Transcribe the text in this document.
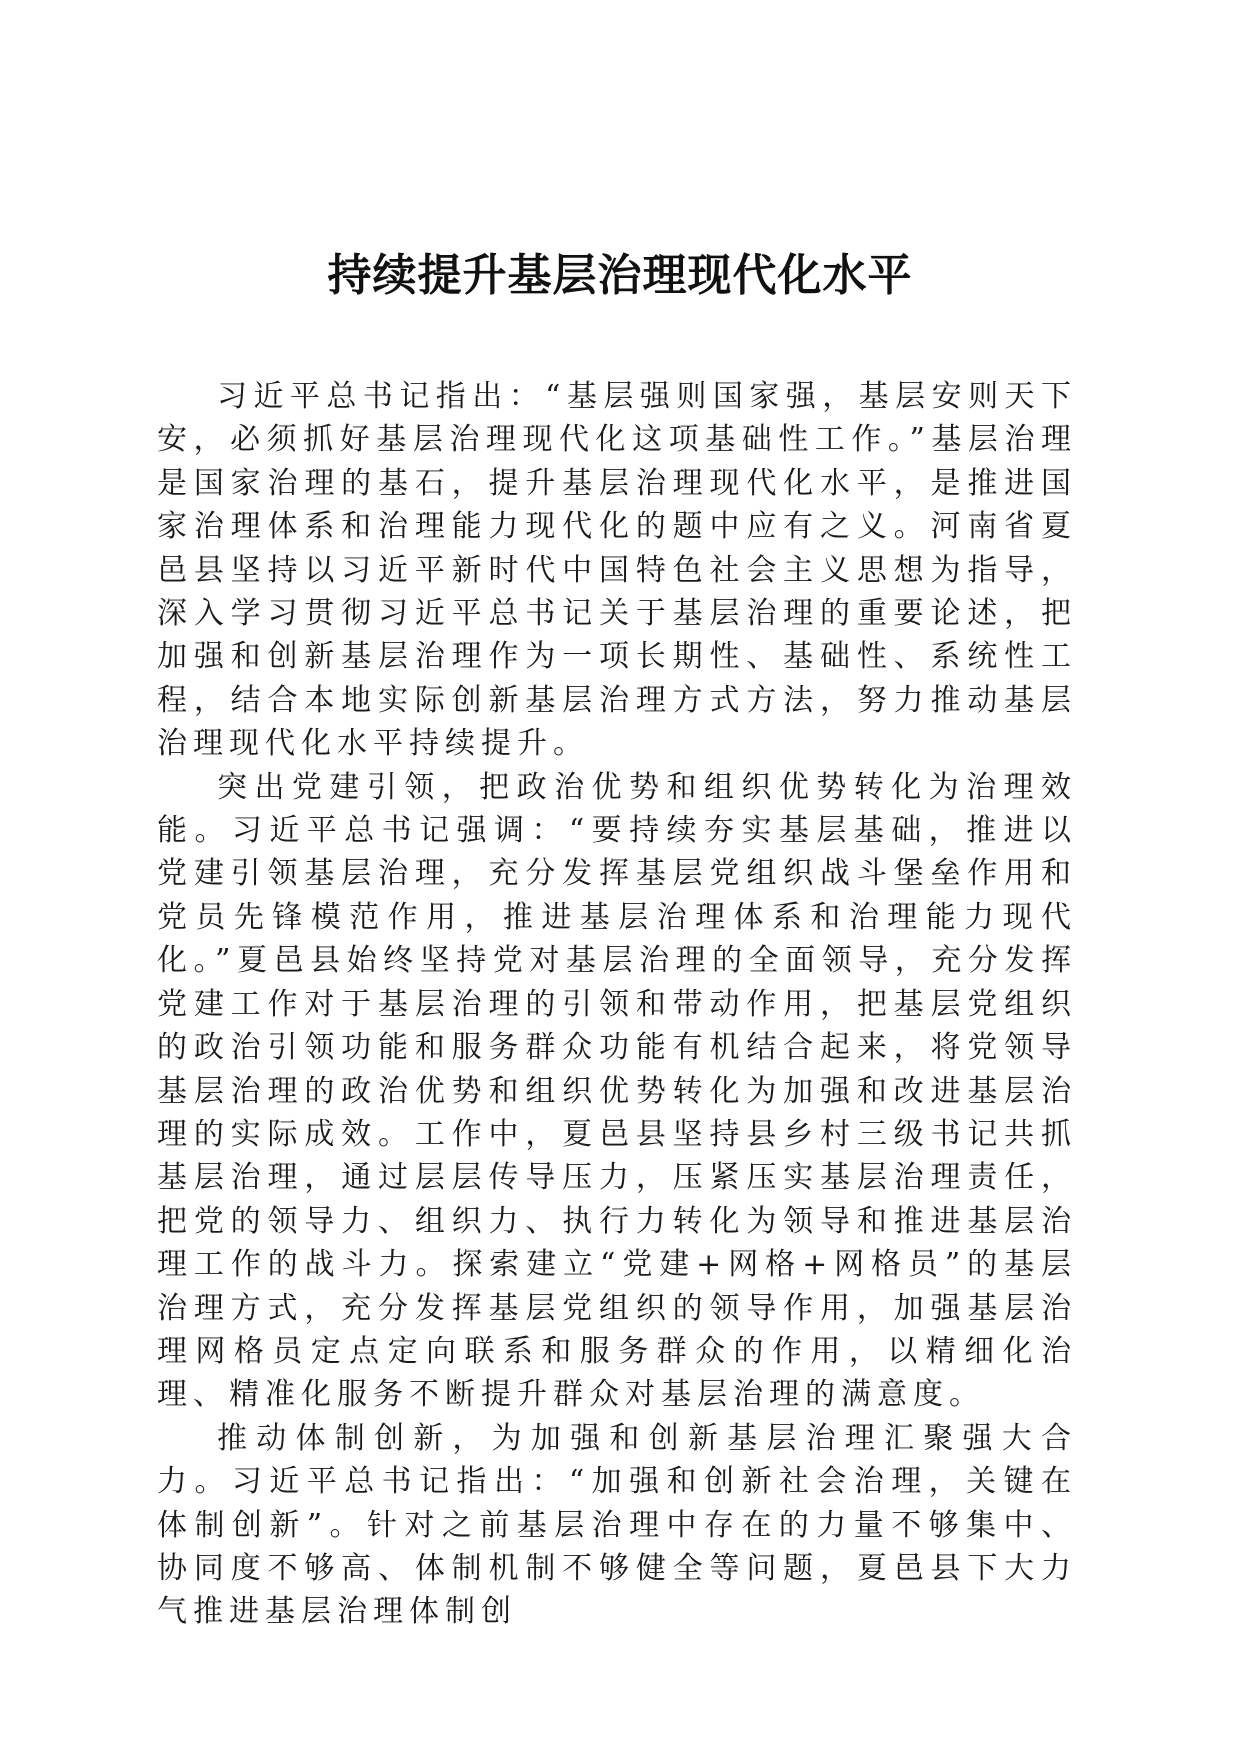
持续提升基层治理现代化水平

习近平总书记指出：“基层强则国家强，基层安则天下安，必须抓好基层治理现代化这项基础性工作。”基层治理是国家治理的基石，提升基层治理现代化水平，是推进国家治理体系和治理能力现代化的题中应有之义。河南省夏邑县坚持以习近平新时代中国特色社会主义思想为指导，深入学习贯彻习近平总书记关于基层治理的重要论述，把加强和创新基层治理作为一项长期性、基础性、系统性工程，结合本地实际创新基层治理方式方法，努力推动基层治理现代化水平持续提升。

突出党建引领，把政治优势和组织优势转化为治理效能。习近平总书记强调：“要持续夯实基层基础，推进以党建引领基层治理，充分发挥基层党组织战斗堡垒作用和党员先锋模范作用，推进基层治理体系和治理能力现代化。”夏邑县始终坚持党对基层治理的全面领导，充分发挥党建工作对于基层治理的引领和带动作用，把基层党组织的政治引领功能和服务群众功能有机结合起来，将党领导基层治理的政治优势和组织优势转化为加强和改进基层治理的实际成效。工作中，夏邑县坚持县乡村三级书记共抓基层治理，通过层层传导压力，压紧压实基层治理责任，把党的领导力、组织力、执行力转化为领导和推进基层治理工作的战斗力。探索建立“党建+网格+网格员”的基层治理方式，充分发挥基层党组织的领导作用，加强基层治理网格员定点定向联系和服务群众的作用，以精细化治理、精准化服务不断提升群众对基层治理的满意度。

推动体制创新，为加强和创新基层治理汇聚强大合力。习近平总书记指出：“加强和创新社会治理，关键在体制创新”。针对之前基层治理中存在的力量不够集中、协同度不够高、体制机制不够健全等问题，夏邑县下大力气推进基层治理体制创
